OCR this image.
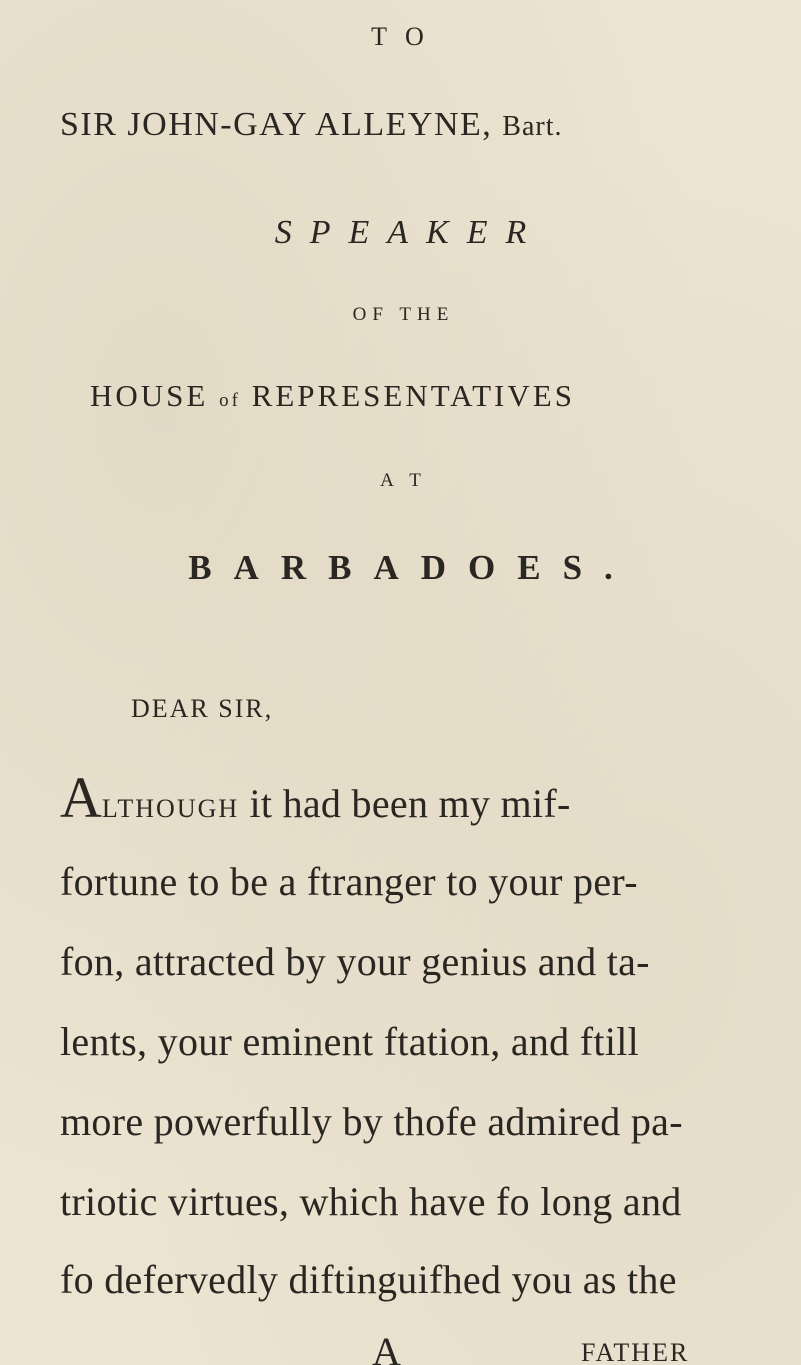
T O
SIR JOHN-GAY ALLEYNE, Bart.
SPEAKER
OF THE
HOUSE of REPRESENTATIVES
A T
BARBADOES.
DEAR SIR,
ALTHOUGH it had been my mif-
fortune to be a ftranger to your per-
fon, attracted by your genius and ta-
lents, your eminent ftation, and ftill
more powerfully by thofe admired pa-
triotic virtues, which have fo long and
fo defervedly diftinguifhed you as the
A	FATHER
